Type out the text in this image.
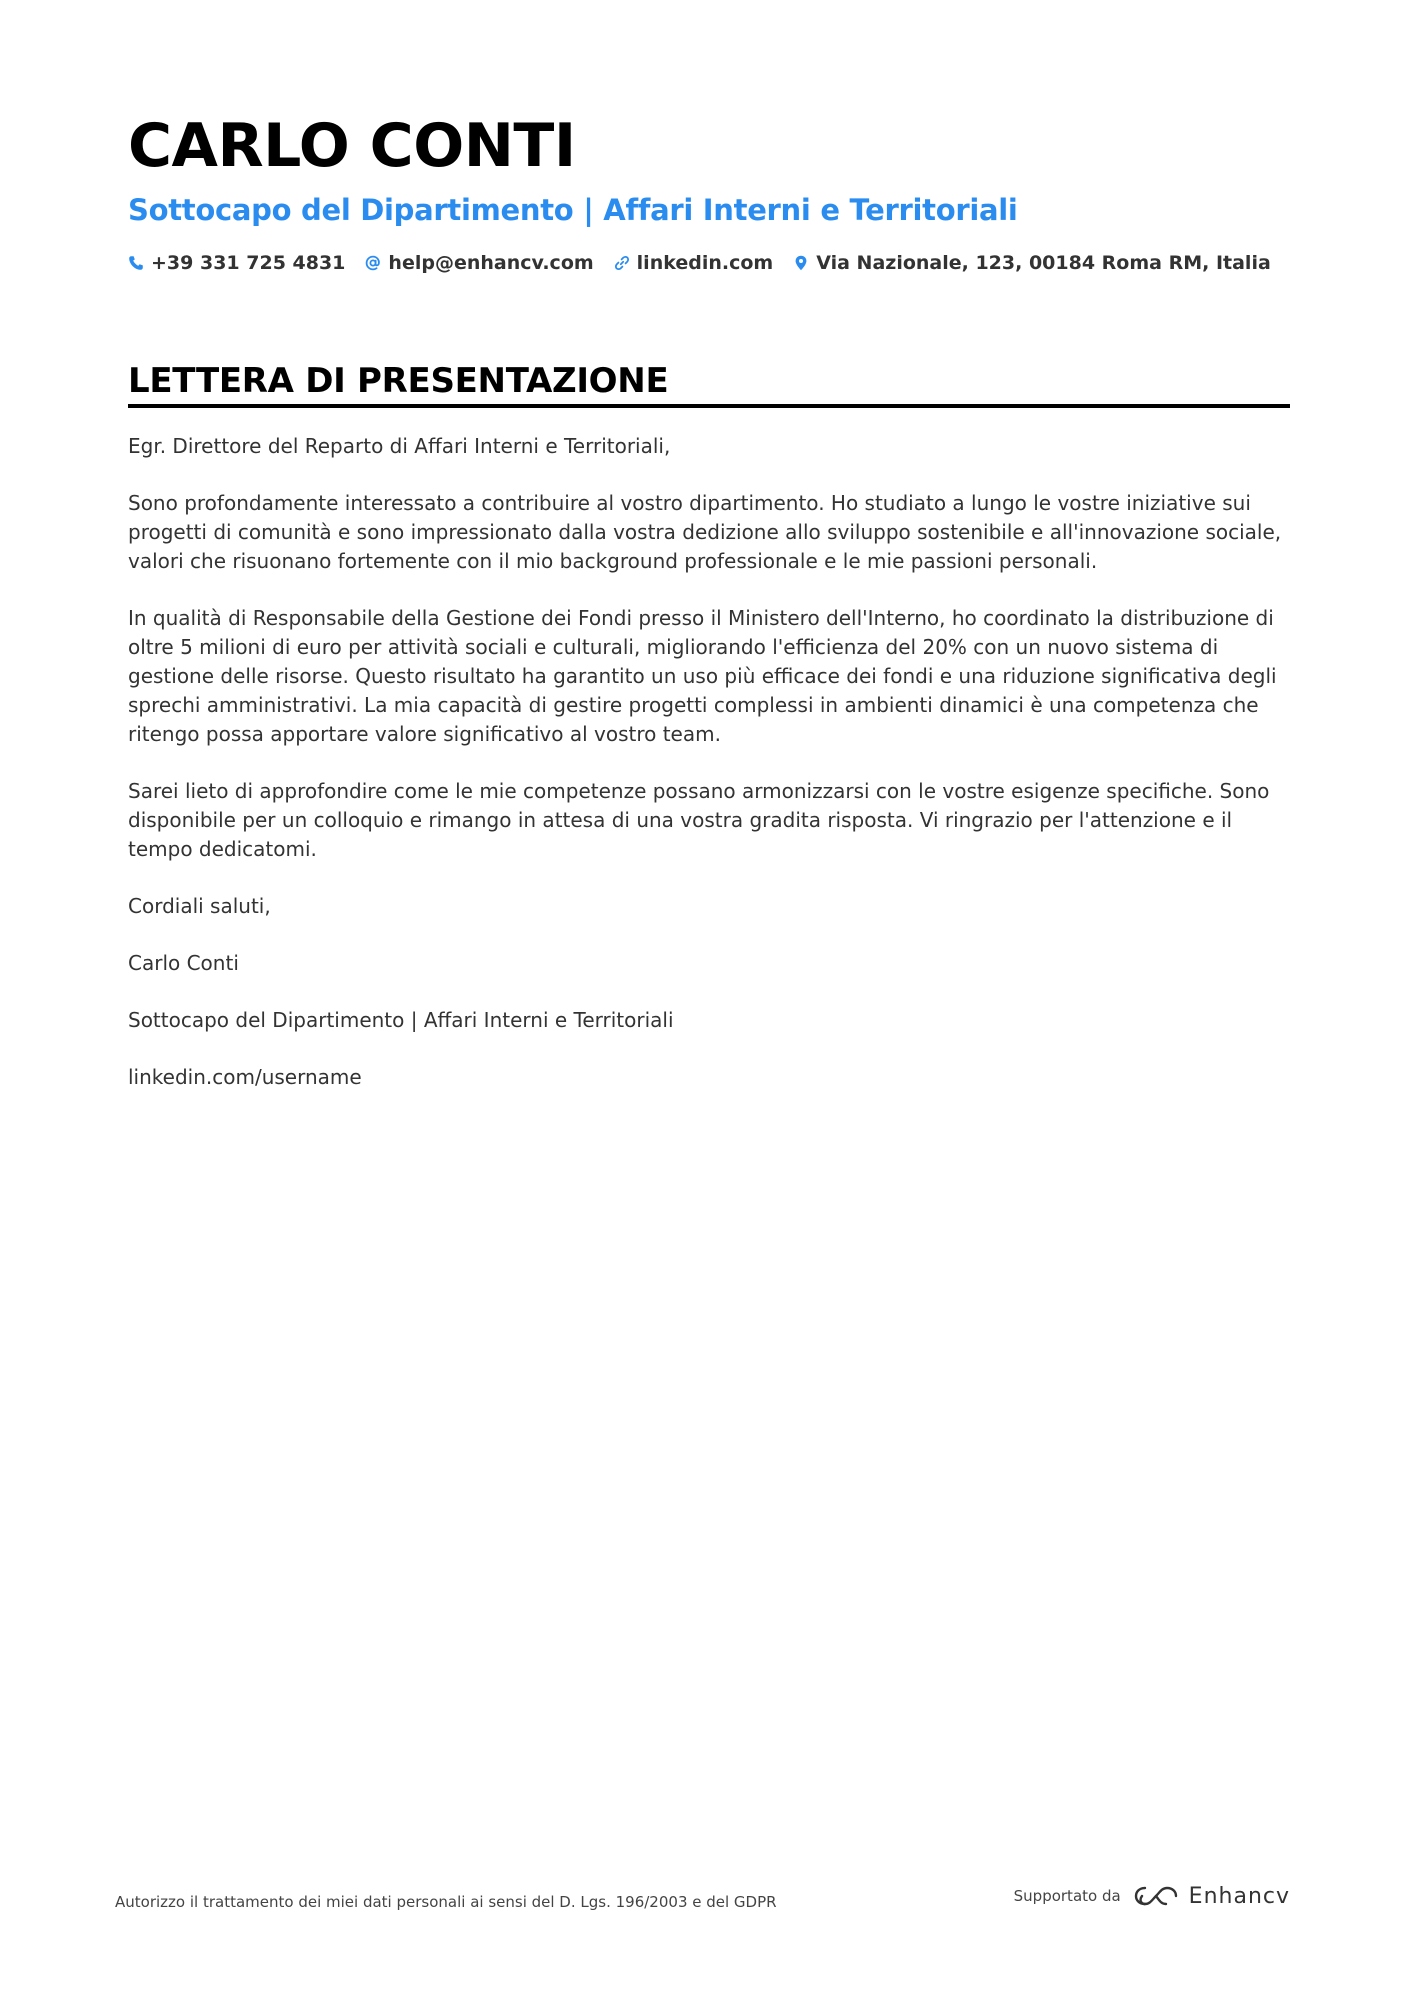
CARLO CONTI
Sottocapo del Dipartimento | Affari Interni e Territoriali
+39 331 725 4831 help@enhancv.com linkedin.com Via Nazionale, 123, 00184 Roma RM, Italia
LETTERA DI PRESENTAZIONE

Egr. Direttore del Reparto di Affari Interni e Territoriali,

Sono profondamente interessato a contribuire al vostro dipartimento. Ho studiato a lungo le vostre iniziative sui progetti di comunità e sono impressionato dalla vostra dedizione allo sviluppo sostenibile e all'innovazione sociale, valori che risuonano fortemente con il mio background professionale e le mie passioni personali.

In qualità di Responsabile della Gestione dei Fondi presso il Ministero dell'Interno, ho coordinato la distribuzione di oltre 5 milioni di euro per attività sociali e culturali, migliorando l'efficienza del 20% con un nuovo sistema di gestione delle risorse. Questo risultato ha garantito un uso più efficace dei fondi e una riduzione significativa degli sprechi amministrativi. La mia capacità di gestire progetti complessi in ambienti dinamici è una competenza che ritengo possa apportare valore significativo al vostro team.

Sarei lieto di approfondire come le mie competenze possano armonizzarsi con le vostre esigenze specifiche. Sono disponibile per un colloquio e rimango in attesa di una vostra gradita risposta. Vi ringrazio per l'attenzione e il tempo dedicatomi.

Cordiali saluti,

Carlo Conti

Sottocapo del Dipartimento | Affari Interni e Territoriali

linkedin.com/username

Autorizzo il trattamento dei miei dati personali ai sensi del D. Lgs. 196/2003 e del GDPR	Supportato da	Enhancv
